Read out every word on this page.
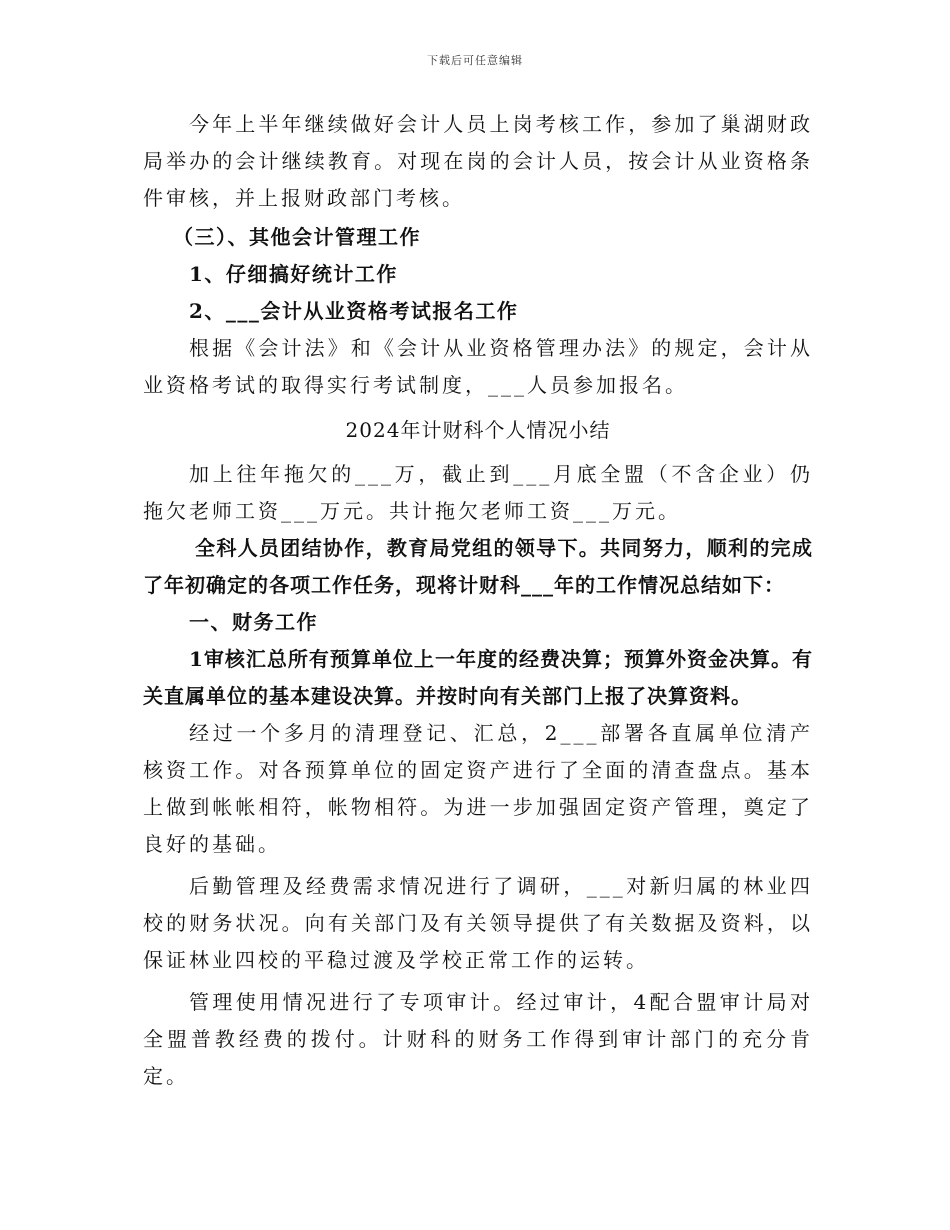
下载后可任意编辑

今年上半年继续做好会计人员上岗考核工作，参加了巢湖财政局举办的会计继续教育。对现在岗的会计人员，按会计从业资格条件审核，并上报财政部门考核。

（三）、其他会计管理工作

1、仔细搞好统计工作

2、___会计从业资格考试报名工作

根据《会计法》和《会计从业资格管理办法》的规定，会计从业资格考试的取得实行考试制度，___人员参加报名。

2024年计财科个人情况小结

加上往年拖欠的___万，截止到___月底全盟（不含企业）仍拖欠老师工资___万元。共计拖欠老师工资___万元。

全科人员团结协作，教育局党组的领导下。共同努力，顺利的完成了年初确定的各项工作任务，现将计财科___年的工作情况总结如下：

一、财务工作

1审核汇总所有预算单位上一年度的经费决算；预算外资金决算。有关直属单位的基本建设决算。并按时向有关部门上报了决算资料。

经过一个多月的清理登记、汇总，2___部署各直属单位清产核资工作。对各预算单位的固定资产进行了全面的清查盘点。基本上做到帐帐相符，帐物相符。为进一步加强固定资产管理，奠定了良好的基础。

后勤管理及经费需求情况进行了调研，___对新归属的林业四校的财务状况。向有关部门及有关领导提供了有关数据及资料，以保证林业四校的平稳过渡及学校正常工作的运转。

管理使用情况进行了专项审计。经过审计，4配合盟审计局对全盟普教经费的拨付。计财科的财务工作得到审计部门的充分肯定。
